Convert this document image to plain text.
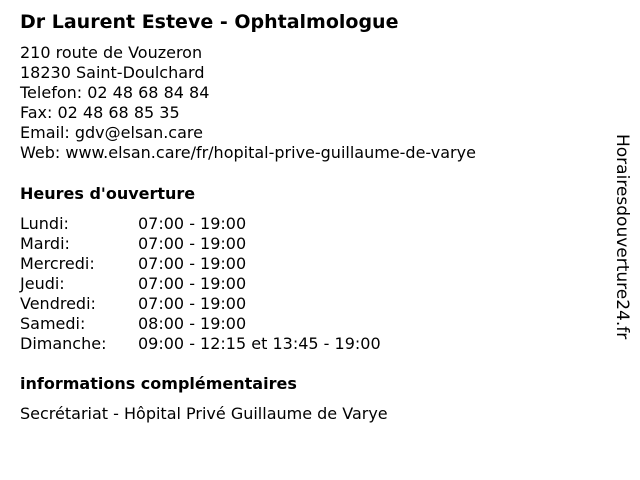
Dr Laurent Esteve - Ophtalmologue
210 route de Vouzeron
18230 Saint-Doulchard
Telefon: 02 48 68 84 84
Fax: 02 48 68 85 35
Email: gdv@elsan.care
Web: www.elsan.care/fr/hopital-prive-guillaume-de-varye
Heures d'ouverture
Lundi:	07:00 - 19:00
Mardi:	07:00 - 19:00
Mercredi:	07:00 - 19:00
Jeudi:	07:00 - 19:00
Vendredi:	07:00 - 19:00
Samedi:	08:00 - 19:00
Dimanche: 09:00 - 12:15 et 13:45 - 19:00
informations complémentaires
Secrétariat - Hôpital Privé Guillaume de Varye
Horairesdouverture24.fr
